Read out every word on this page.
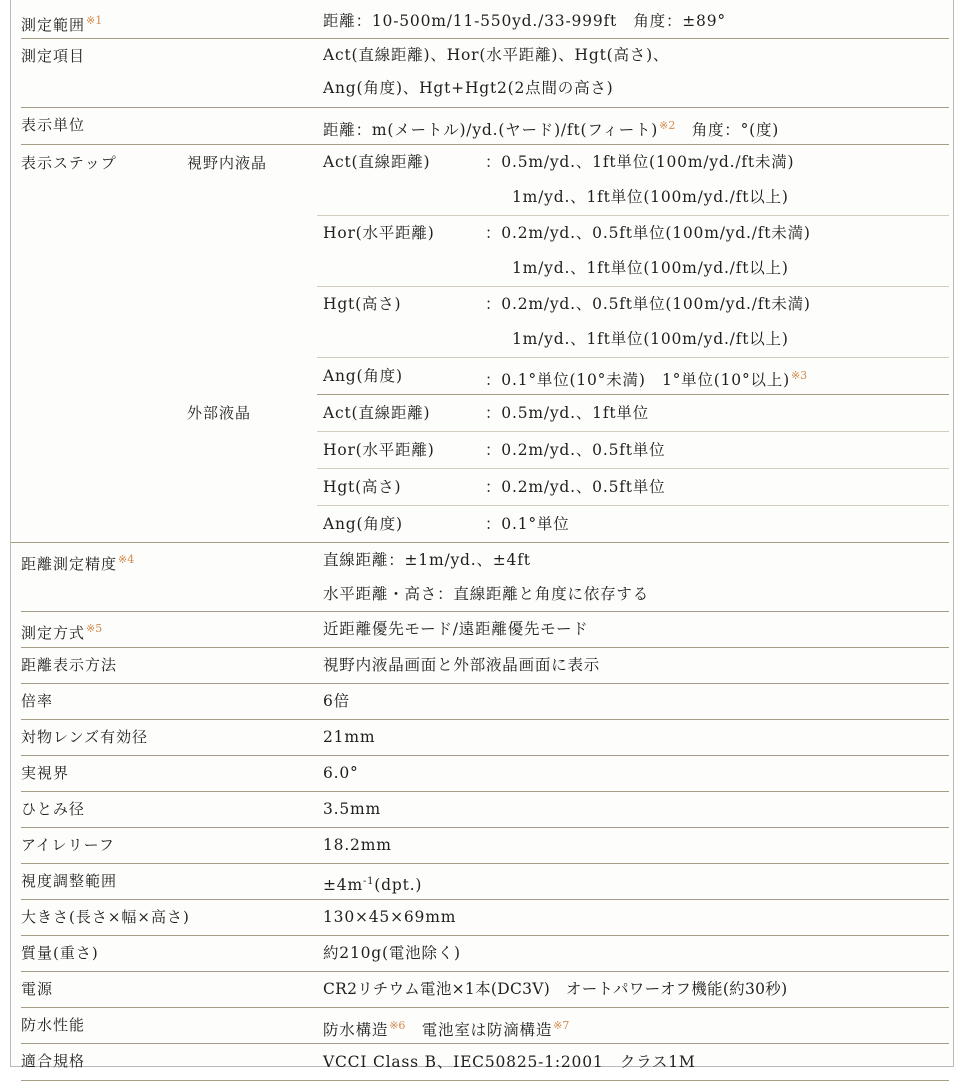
測定範囲$^{※1}$	距離：10-500m/11-550yd./33-999ft　角度：±89°
測定項目	Act(直線距離)、Hor(水平距離)、Hgt(高さ)、
Ang(角度)、Hgt+Hgt2(2点間の高さ)
表示単位	距離：m(メートル)/yd.(ヤード)/ft(フィート)$^{※2}$　角度：°(度)
表示ステップ	視野内液晶	Act(直線距離)	：0.5m/yd.、1ft単位(100m/yd./ft未満)
1m/yd.、1ft単位(100m/yd./ft以上)
Hor(水平距離)	：0.2m/yd.、0.5ft単位(100m/yd./ft未満)
1m/yd.、1ft単位(100m/yd./ft以上)
Hgt(高さ)	：0.2m/yd.、0.5ft単位(100m/yd./ft未満)
1m/yd.、1ft単位(100m/yd./ft以上)
Ang(角度)	：0.1°単位(10°未満)　1°単位(10°以上)$^{※3}$
外部液晶	Act(直線距離)	：0.5m/yd.、1ft単位
Hor(水平距離)	：0.2m/yd.、0.5ft単位
Hgt(高さ)	：0.2m/yd.、0.5ft単位
Ang(角度)	：0.1°単位
距離測定精度$^{※4}$	直線距離：±1m/yd.、±4ft
水平距離・高さ：直線距離と角度に依存する
測定方式$^{※5}$	近距離優先モード/遠距離優先モード
距離表示方法	視野内液晶画面と外部液晶画面に表示
倍率	6倍
対物レンズ有効径	21mm
実視界	6.0°
ひとみ径	3.5mm
アイレリーフ	18.2mm
視度調整範囲	$\pm 4m^{-1}(dpt.)$
大きさ(長さ×幅×高さ)	130×45×69mm
質量(重さ)	約210g(電池除く)
電源	CR2リチウム電池×1本(DC3V)　オートパワーオフ機能(約30秒)
防水性能	防水構造$^{※6}$　電池室は防滴構造$^{※7}$
適合規格	VCCI Class B、IEC50825-1:2001　クラス1M
